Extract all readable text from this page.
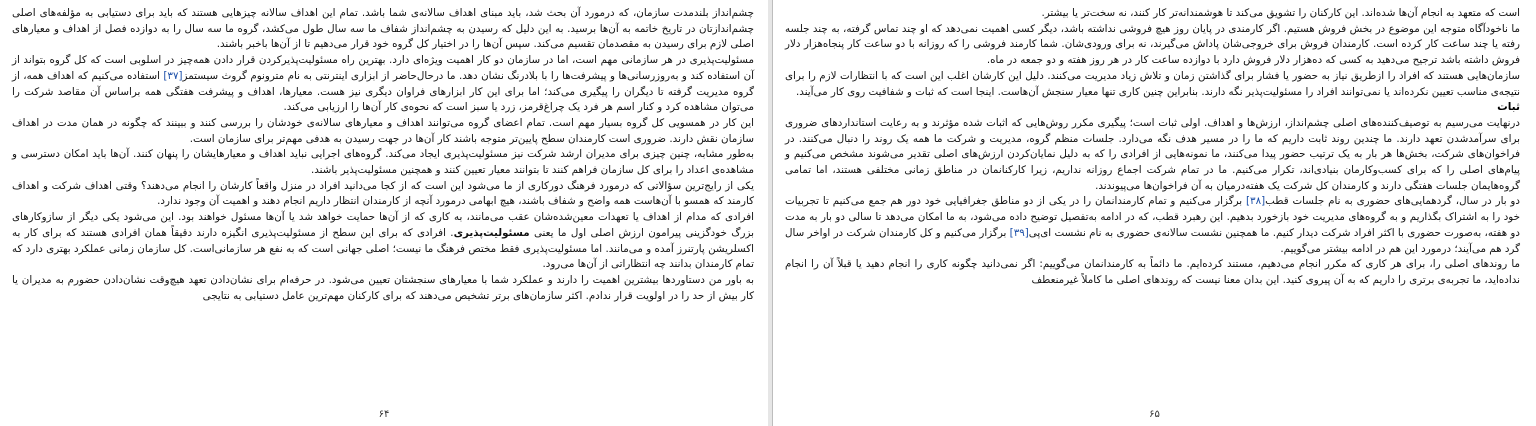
چشم‌انداز بلندمدت سازمان، که درمورد آن بحث شد، باید مبنای اهداف سالانه‌ی شما باشد. تمام این اهداف سالانه چیزهایی هستند که باید برای دستیابی به مؤلفه‌های اصلی چشم‌اندازتان در تاریخ خاتمه به آن‌ها برسید. به این دلیل که رسیدن به چشم‌انداز شفاف ما سه سال طول می‌کشد، گروه ما سه سال را به دوازده فصل از اهداف و معیارهای اصلی لازم برای رسیدن به مقصدمان تقسیم می‌کند. سپس آن‌ها را در اختیار کل گروه خود قرار می‌دهیم تا از آن‌ها باخبر باشند.

مسئولیت‌پذیری در هر سازمانی مهم است، اما در سازمان دو کار اهمیت ویژه‌ای دارد. بهترین راه مسئولیت‌پذیرکردن قرار دادن همه‌چیز در اسلوبی است که کل گروه بتواند از آن استفاده کند و به‌روزرسانی‌ها و پیشرفت‌ها را با بلادرنگ نشان دهد. ما درحال‌حاضر از ابزاری اینترنتی به نام مترونوم گروث سیستمز[۳۷] استفاده می‌کنیم که اهداف همه، از گروه مدیریت گرفته تا دیگران را پیگیری می‌کند؛ اما برای این کار ابزارهای فراوان دیگری نیز هست. معیارها، اهداف و پیشرفت هفتگی همه براساس آن مقاصد شرکت را می‌توان مشاهده کرد و کنار اسم هر فرد یک چراغ‌قرمز، زرد یا سبز است که نحوه‌ی کار آن‌ها را ارزیابی می‌کند.

این کار در همسویی کل گروه بسیار مهم است. تمام اعضای گروه می‌توانند اهداف و معیارهای سالانه‌ی خودشان را بررسی کنند و ببینند که چگونه در همان مدت در اهداف سازمان نقش دارند. ضروری است کارمندان سطح پایین‌تر متوجه باشند کار آن‌ها در جهت رسیدن به هدفی مهم‌تر برای سازمان است.

به‌طور مشابه، چنین چیزی برای مدیران ارشد شرکت نیز مسئولیت‌پذیری ایجاد می‌کند. گروه‌های اجرایی نباید اهداف و معیارهایشان را پنهان کنند. آن‌ها باید امکان دسترسی و مشاهده‌ی اعداد را برای کل سازمان فراهم کنند تا بتوانند معیار تعیین کنند و همچنین مسئولیت‌پذیر باشند.

یکی از رایج‌ترین سؤالاتی که درمورد فرهنگ دورکاری از ما می‌شود این است که از کجا می‌دانید افراد در منزل واقعاً کارشان را انجام می‌دهند؟ وقتی اهداف شرکت و اهداف کارمند که همسو با آن‌هاست همه واضح و شفاف باشند، هیچ ابهامی درمورد آنچه از کارمندان انتظار داریم انجام دهند و اهمیت آن وجود ندارد.

افرادی که مدام از اهداف یا تعهدات معین‌شده‌شان عقب می‌مانند، به کاری که از آن‌ها حمایت خواهد شد یا آن‌ها مسئول خواهند بود. این می‌شود یکی دیگر از سازوکارهای بزرگ خودگزینی پیرامون ارزش اصلی اول ما یعنی مسئولیت‌پذیری. افرادی که برای این سطح از مسئولیت‌پذیری انگیزه دارند دقیقاً همان افرادی هستند که برای کار به اکسلریشن پارتنرز آمده و می‌مانند. اما مسئولیت‌پذیری فقط مختص فرهنگ ما نیست؛ اصلی جهانی است که به نفع هر سازمانی‌است. کل سازمان زمانی عملکرد بهتری دارد که تمام کارمندان بدانند چه انتظاراتی از آن‌ها می‌رود.

به باور من دستاوردها بیشترین اهمیت را دارند و عملکرد شما با معیارهای سنجشتان تعیین می‌شود. در حرفه‌ام برای نشان‌دادن تعهد هیچ‌وقت نشان‌دادن حضورم به مدیران یا کار بیش از حد را در اولویت قرار ندادم. اکثر سازمان‌های برتر تشخیص می‌دهند که برای کارکنان مهم‌ترین عامل دستیابی به نتایجی

۶۴

است که متعهد به انجام آن‌ها شده‌اند. این کارکنان را تشویق می‌کند تا هوشمندانه‌تر کار کنند، نه سخت‌تر یا بیشتر.

ما ناخودآگاه متوجه این موضوع در بخش فروش هستیم. اگر کارمندی در پایان روز هیچ فروشی نداشته باشد، دیگر کسی اهمیت نمی‌دهد که او چند تماس گرفته، به چند جلسه رفته یا چند ساعت کار کرده است. کارمندان فروش برای خروجی‌شان پاداش می‌گیرند، نه برای ورودی‌شان. شما کارمند فروشی را که روزانه با دو ساعت کار پنجاه‌هزار دلار فروش داشته باشد ترجیح می‌دهید به کسی که ده‌هزار دلار فروش دارد با دوازده ساعت کار در هر روز هفته و دو جمعه در ماه.

سازمان‌هایی هستند که افراد را ازطریق نیاز به حضور یا فشار برای گذاشتن زمان و تلاش زیاد مدیریت می‌کنند. دلیل این کارشان اغلب این است که با انتظارات لازم را برای نتیجه‌ی مناسب تعیین نکرده‌اند یا نمی‌توانند افراد را مسئولیت‌پذیر نگه دارند. بنابراین چنین کاری تنها معیار سنجش آن‌هاست. اینجا است که ثبات و شفافیت روی کار می‌آیند.

ثبات

درنهایت می‌رسیم به توصیف‌کننده‌های اصلی چشم‌انداز، ارزش‌ها و اهداف. اولی ثبات است؛ پیگیری مکرر روش‌هایی که اثبات شده مؤثرند و به رعایت استانداردهای ضروری برای سرآمدشدن تعهد دارند. ما چندین روند ثابت داریم که ما را در مسیر هدف نگه می‌دارد. جلسات منظم گروه، مدیریت و شرکت ما همه یک روند را دنبال می‌کنند. در فراخوان‌های شرکت، بخش‌ها هر بار به یک ترتیب حضور پیدا می‌کنند، ما نمونه‌هایی از افرادی را که به دلیل نمایان‌کردن ارزش‌های اصلی تقدیر می‌شوند مشخص می‌کنیم و پیام‌های اصلی را که برای کسب‌وکارمان بنیادی‌اند، تکرار می‌کنیم. ما در تمام شرکت اجماع روزانه نداریم، زیرا کارکنانمان در مناطق زمانی مختلفی هستند، اما تمامی گروه‌هایمان جلسات هفتگی دارند و کارمندان کل شرکت یک هفته‌درمیان به آن فراخوان‌ها می‌پیوندند.

دو بار در سال، گردهمایی‌های حضوری به نام جلسات قطب[۳۸] برگزار می‌کنیم و تمام کارمندانمان را در یکی از دو مناطق جغرافیایی خود دور هم جمع می‌کنیم تا تجربیات خود را به اشتراک بگذاریم و به گروه‌های مدیریت خود بازخورد بدهیم. این رهبرد قطب، که در ادامه به‌تفصیل توضیح داده می‌شود، به ما امکان می‌دهد تا سالی دو بار به مدت دو هفته، به‌صورت حضوری با اکثر افراد شرکت دیدار کنیم. ما همچنین نشست سالانه‌ی حضوری به نام نشست ای‌پی[۳۹] برگزار می‌کنیم و کل کارمندان شرکت در اواخر سال گرد هم می‌آیند؛ درمورد این هم در ادامه بیشتر می‌گوییم.

ما روندهای اصلی را، برای هر کاری که مکرر انجام می‌دهیم، مستند کرده‌ایم. ما دائماً به کارمندانمان می‌گوییم: اگر نمی‌دانید چگونه کاری را انجام دهید یا قبلاً آن را انجام نداده‌اید، ما تجربه‌ی برتری را داریم که به آن پیروی کنید. این بدان معنا نیست که روندهای اصلی ما کاملاً غیرمنعطف

۶۵
